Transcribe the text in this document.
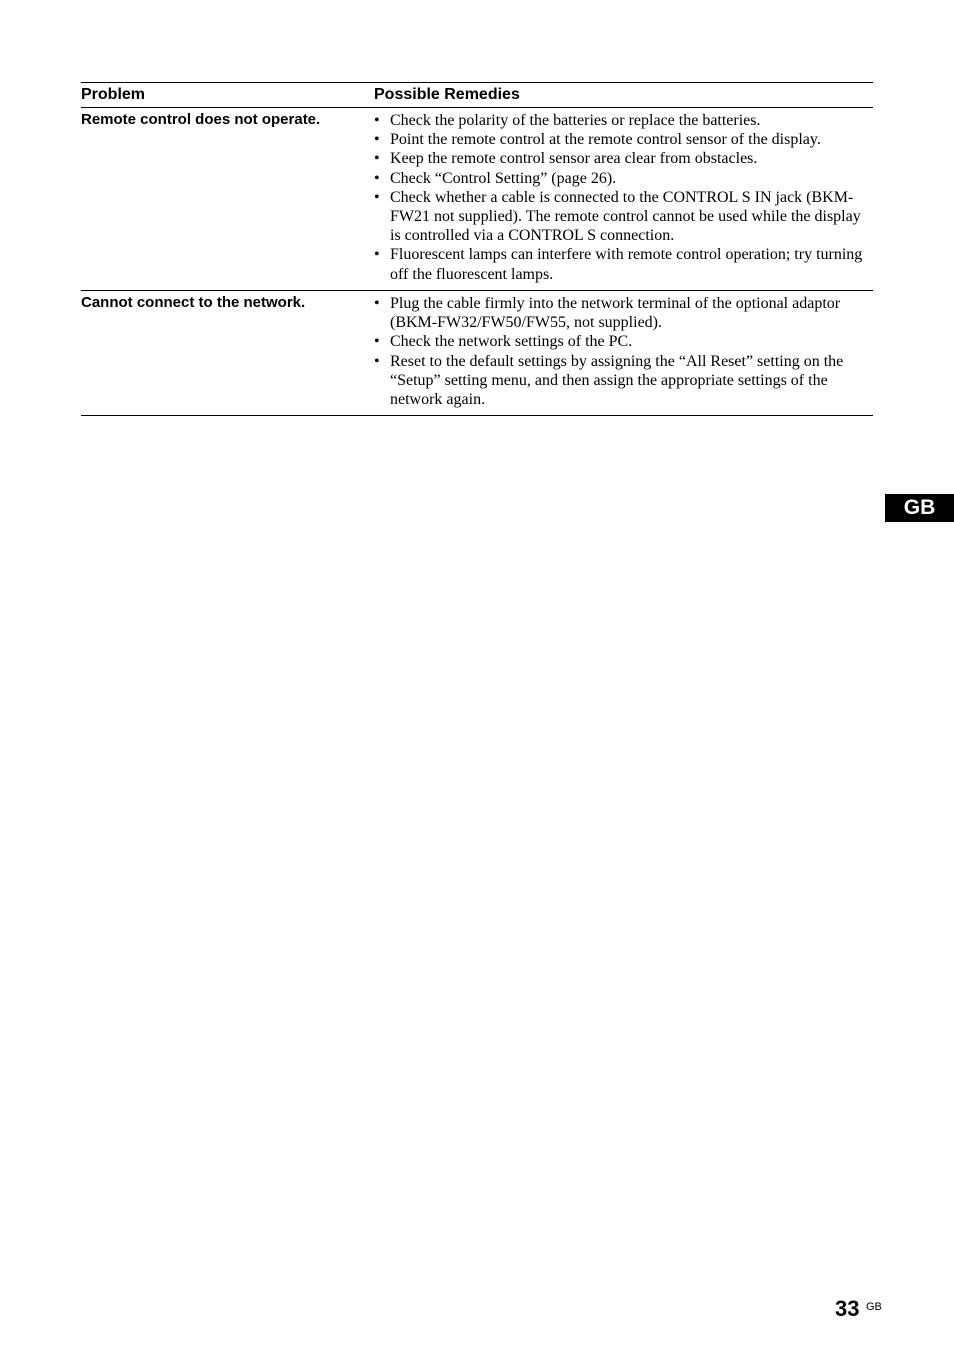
Problem	Possible Remedies
Remote control does not operate.	• Check the polarity of the batteries or replace the batteries.
• Point the remote control at the remote control sensor of the display.
• Keep the remote control sensor area clear from obstacles.
• Check “Control Setting” (page 26).
• Check whether a cable is connected to the CONTROL S IN jack (BKM-FW21 not supplied). The remote control cannot be used while the display is controlled via a CONTROL S connection.
• Fluorescent lamps can interfere with remote control operation; try turning off the fluorescent lamps.
Cannot connect to the network.	• Plug the cable firmly into the network terminal of the optional adaptor (BKM-FW32/FW50/FW55, not supplied).
• Check the network settings of the PC.
• Reset to the default settings by assigning the “All Reset” setting on the “Setup” setting menu, and then assign the appropriate settings of the network again.
GB
33 GB
